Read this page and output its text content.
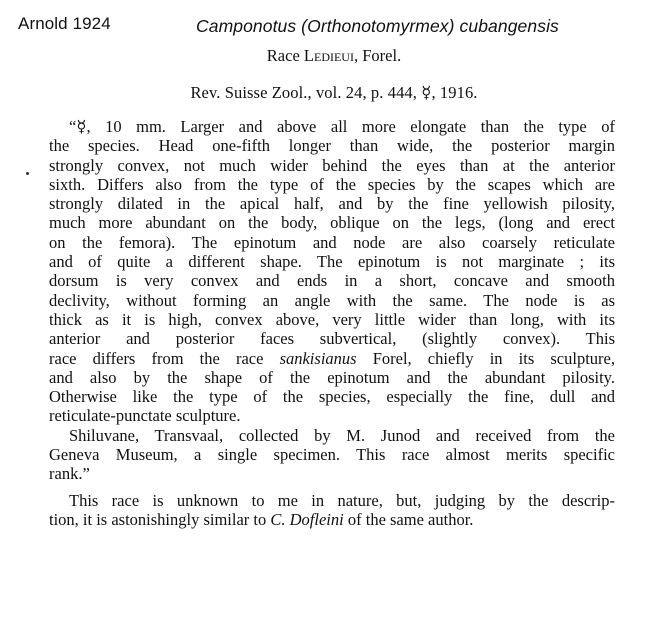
Arnold 1924	Camponotus (Orthonotomyrmex) cubangensis
Race Ledieui, Forel.
Rev. Suisse Zool., vol. 24, p. 444, ☿, 1916.
“☿, 10 mm. Larger and above all more elongate than the type of
the species. Head one-fifth longer than wide, the posterior margin
strongly convex, not much wider behind the eyes than at the anterior
sixth. Differs also from the type of the species by the scapes which are
strongly dilated in the apical half, and by the fine yellowish pilosity,
much more abundant on the body, oblique on the legs, (long and erect
on the femora). The epinotum and node are also coarsely reticulate
and of quite a different shape. The epinotum is not marginate ; its
dorsum is very convex and ends in a short, concave and smooth
declivity, without forming an angle with the same. The node is as
thick as it is high, convex above, very little wider than long, with its
anterior and posterior faces subvertical, (slightly convex). This
race differs from the race sankisianus Forel, chiefly in its sculpture,
and also by the shape of the epinotum and the abundant pilosity.
Otherwise like the type of the species, especially the fine, dull and
reticulate-punctate sculpture.
Shiluvane, Transvaal, collected by M. Junod and received from the
Geneva Museum, a single specimen. This race almost merits specific
rank.”
This race is unknown to me in nature, but, judging by the descrip-
tion, it is astonishingly similar to C. Dofleini of the same author.
